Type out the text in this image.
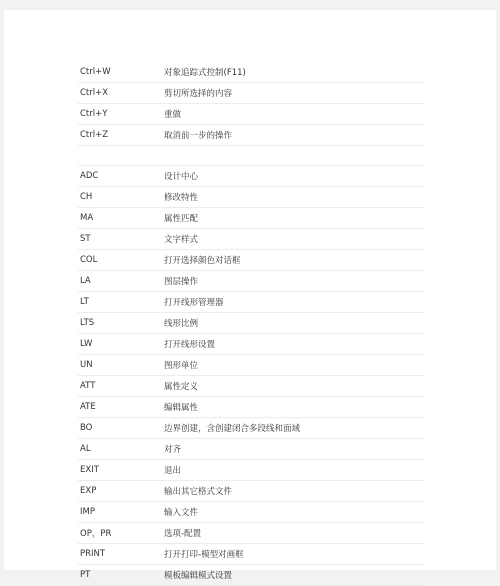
Ctrl+W	对象追踪式控制(F11)
Ctrl+X	剪切所选择的内容
Ctrl+Y	重做
Ctrl+Z	取消前一步的操作
ADC	设计中心
CH	修改特性
MA	属性匹配
ST	文字样式
COL	打开选择颜色对话框
LA	图层操作
LT	打开线形管理器
LTS	线形比例
LW	打开线形设置
UN	图形单位
ATT	属性定义
ATE	编辑属性
BO	边界创建，含创建闭合多段线和面域
AL	对齐
EXIT	退出
EXP	输出其它格式文件
IMP	输入文件
OP，PR	选项-配置
PRINT	打开打印-模型对画框
PT	模板编辑模式设置
